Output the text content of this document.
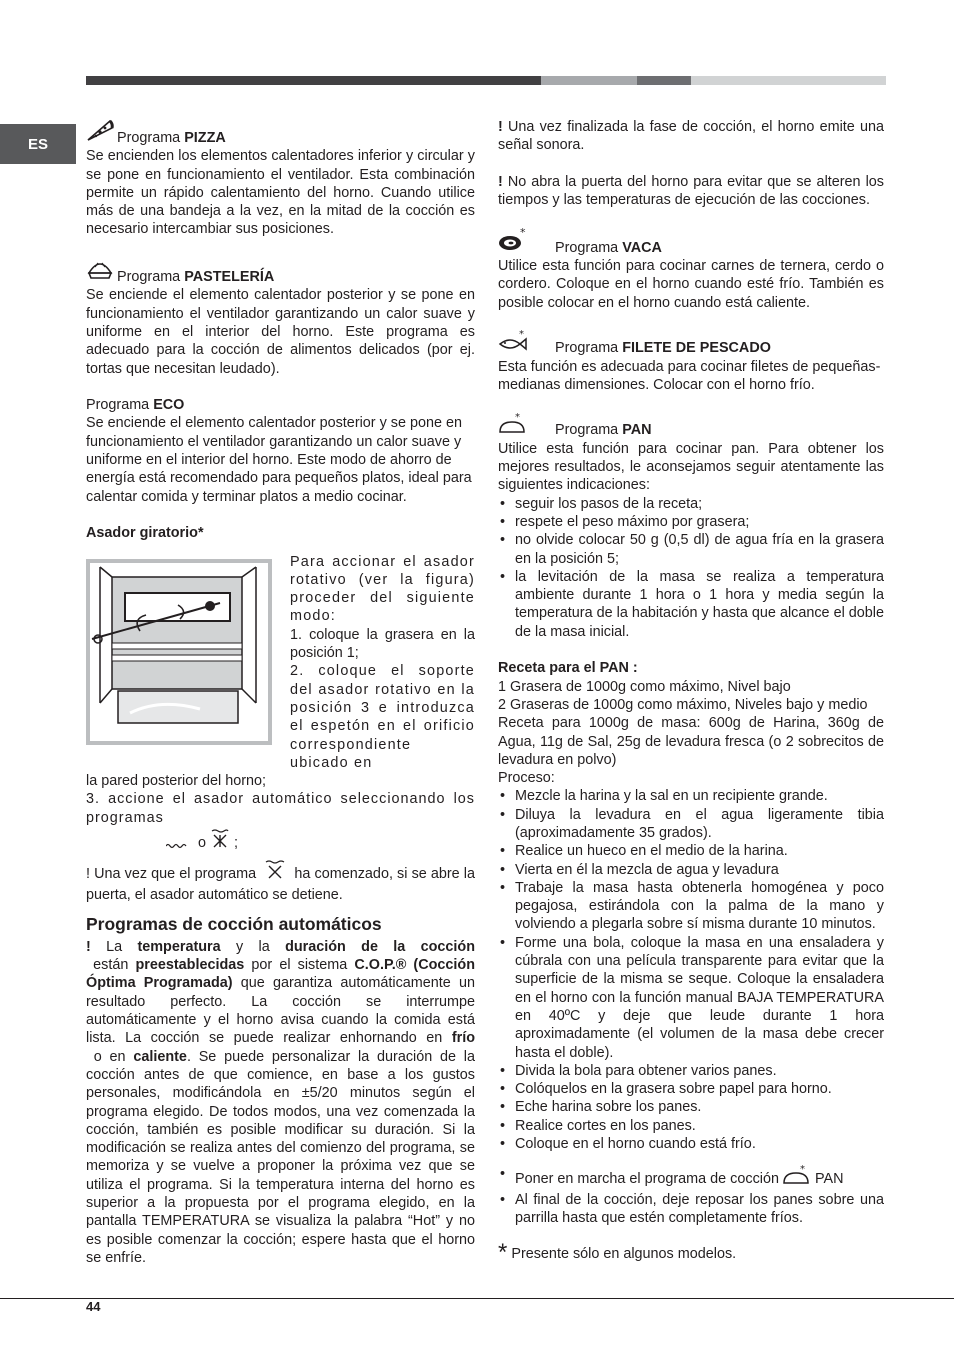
ES	Programa PIZZA

Se encienden los elementos calentadores inferior y circular y se pone en funcionamiento el ventilador. Esta combinación permite un rápido calentamiento del horno. Cuando utilice más de una bandeja a la vez, en la mitad de la cocción es necesario intercambiar sus posiciones.

Programa PASTELERÍA

Se enciende el elemento calentador posterior y se pone en funcionamiento el ventilador garantizando un calor suave y uniforme en el interior del horno. Este programa es adecuado para la cocción de alimentos delicados (por ej. tortas que necesitan leudado).

Programa ECO

Se enciende el elemento calentador posterior y se pone en funcionamiento el ventilador garantizando un calor suave y uniforme en el interior del horno. Este modo de ahorro de energía está recomendado para pequeños platos, ideal para calentar comida y terminar platos a medio cocinar.

Asador giratorio*

Para accionar el asador rotativo (ver la figura) proceder del siguiente modo:

1. coloque la grasera en la posición 1;

2. coloque el soporte del asador rotativo en la posición 3 e introduzca el espetón en el orificio correspondiente ubicado en

la pared posterior del horno;

3. accione el asador automático seleccionando los programas

o ;

! Una vez que el programa	ha comenzado, si se abre la puerta, el asador automático se detiene.

Programas de cocción automáticos

! La temperatura y la duración de la cocción están preestablecidas por el sistema C.O.P.® (Cocción Óptima Programada) que garantiza automáticamente un resultado perfecto. La cocción se interrumpe automáticamente y el horno avisa cuando la comida está lista. La cocción se puede realizar enhornando en frío o en caliente. Se puede personalizar la duración de la cocción antes de que comience, en base a los gustos personales, modificándola en ±5/20 minutos según el programa elegido. De todos modos, una vez comenzada la cocción, también es posible modificar su duración. Si la modificación se realiza antes del comienzo del programa, se memoriza y se vuelve a proponer la próxima vez que se utiliza el programa. Si la temperatura interna del horno es superior a la propuesta por el programa elegido, en la pantalla TEMPERATURA se visualiza la palabra “Hot” y no es posible comenzar la cocción; espere hasta que el horno se enfríe.

! Una vez finalizada la fase de cocción, el horno emite una señal sonora.

! No abra la puerta del horno para evitar que se alteren los tiempos y las temperaturas de ejecución de las cocciones.

*
Programa VACA

Utilice esta función para cocinar carnes de ternera, cerdo o cordero. Coloque en el horno cuando esté frío. También es posible colocar en el horno cuando está caliente.

*
Programa FILETE DE PESCADO

Esta función es adecuada para cocinar filetes de pequeñas-medianas dimensiones. Colocar con el horno frío.

*
Programa PAN

Utilice esta función para cocinar pan. Para obtener los mejores resultados, le aconsejamos seguir atentamente las siguientes indicaciones:

• seguir los pasos de la receta;
• respete el peso máximo por grasera;
• no olvide colocar 50 g (0,5 dl) de agua fría en la grasera en la posición 5;
• la levitación de la masa se realiza a temperatura ambiente durante 1 hora o 1 hora y media según la temperatura de la habitación y hasta que alcance el doble de la masa inicial.

Receta para el PAN :

1 Grasera de 1000g como máximo, Nivel bajo

2 Graseras de 1000g como máximo, Niveles bajo y medio

Receta para 1000g de masa: 600g de Harina, 360g de Agua, 11g de Sal, 25g de levadura fresca (o 2 sobrecitos de levadura en polvo)

Proceso:

• Mezcle la harina y la sal en un recipiente grande.
• Diluya la levadura en el agua ligeramente tibia (aproximadamente 35 grados).
• Realice un hueco en el medio de la harina.
• Vierta en él la mezcla de agua y levadura
• Trabaje la masa hasta obtenerla homogénea y poco pegajosa, estirándola con la palma de la mano y volviendo a plegarla sobre sí misma durante 10 minutos.
• Forme una bola, coloque la masa en una ensaladera y cúbrala con una película transparente para evitar que la superficie de la misma se seque. Coloque la ensaladera en el horno con la función manual BAJA TEMPERATURA en 40ºC y deje que leude durante 1 hora aproximadamente (el volumen de la masa debe crecer hasta el doble).
• Divida la bola para obtener varios panes.
• Colóquelos en la grasera sobre papel para horno.
• Eche harina sobre los panes.
• Realice cortes en los panes.
• Coloque en el horno cuando está frío.
• Poner en marcha el programa de cocción
*
PAN
• Al final de la cocción, deje reposar los panes sobre una parrilla hasta que estén completamente fríos.
* Presente sólo en algunos modelos.
44
